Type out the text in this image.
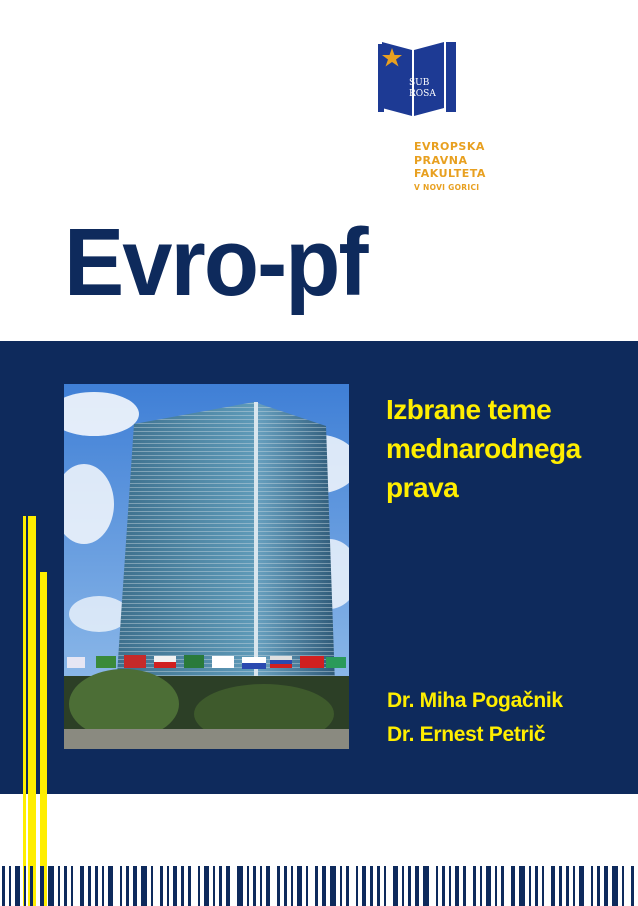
SUB
ROSA
EVROPSKA
PRAVNA
FAKULTETA
V NOVI GORICI
Evro-pf
Izbrane teme
mednarodnega
prava
Dr. Miha Pogačnik
Dr. Ernest Petrič
